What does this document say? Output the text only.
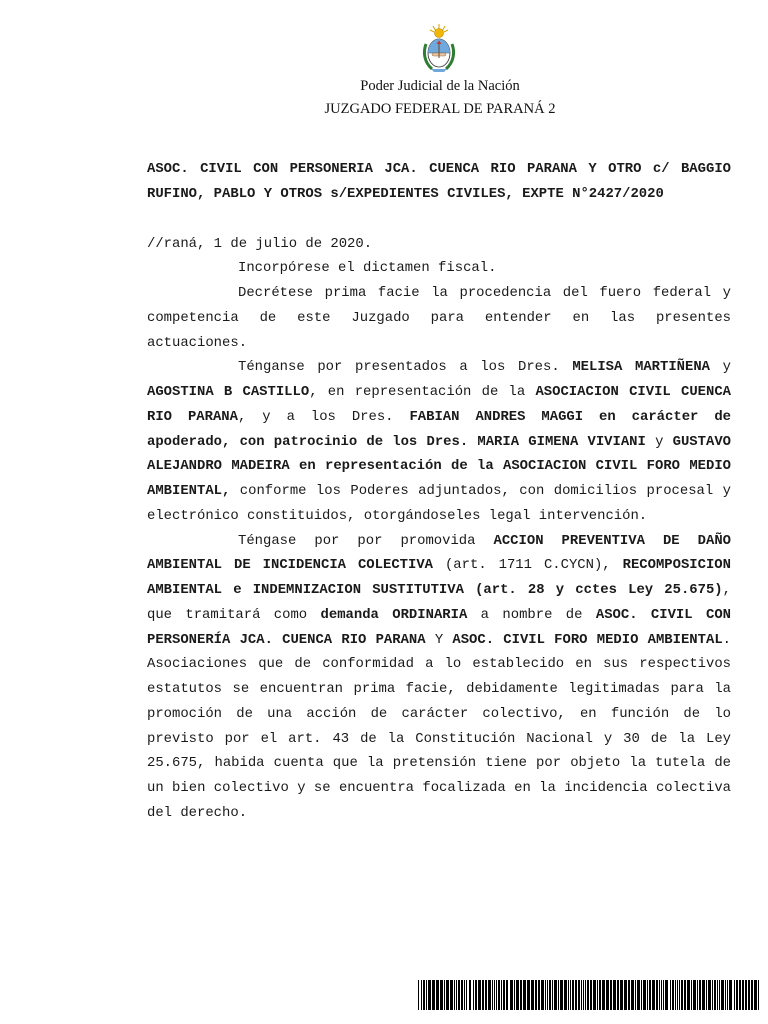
Poder Judicial de la Nación
JUZGADO FEDERAL DE PARANÁ 2

ASOC. CIVIL CON PERSONERIA JCA. CUENCA RIO PARANA Y OTRO c/ BAGGIO RUFINO, PABLO Y OTROS s/EXPEDIENTES CIVILES, EXPTE N°2427/2020

//raná, 1 de julio de 2020.

Incorpórese el dictamen fiscal.

Decrétese prima facie la procedencia del fuero federal y competencia de este Juzgado para entender en las presentes actuaciones.

Ténganse por presentados a los Dres. MELISA MARTIÑENA y AGOSTINA B CASTILLO, en representación de la ASOCIACION CIVIL CUENCA RIO PARANA, y a los Dres. FABIAN ANDRES MAGGI en carácter de apoderado, con patrocinio de los Dres. MARIA GIMENA VIVIANI y GUSTAVO ALEJANDRO MADEIRA en representación de la ASOCIACION CIVIL FORO MEDIO AMBIENTAL, conforme los Poderes adjuntados, con domicilios procesal y electrónico constituidos, otorgándoseles legal intervención.

Téngase por por promovida ACCION PREVENTIVA DE DAÑO AMBIENTAL DE INCIDENCIA COLECTIVA (art. 1711 C.CYCN), RECOMPOSICION AMBIENTAL e INDEMNIZACION SUSTITUTIVA (art. 28 y cctes Ley 25.675), que tramitará como demanda ORDINARIA a nombre de ASOC. CIVIL CON PERSONERÍA JCA. CUENCA RIO PARANA Y ASOC. CIVIL FORO MEDIO AMBIENTAL. Asociaciones que de conformidad a lo establecido en sus respectivos estatutos se encuentran prima facie, debidamente legitimadas para la promoción de una acción de carácter colectivo, en función de lo previsto por el art. 43 de la Constitución Nacional y 30 de la Ley 25.675, habida cuenta que la pretensión tiene por objeto la tutela de un bien colectivo y se encuentra focalizada en la incidencia colectiva del derecho.
